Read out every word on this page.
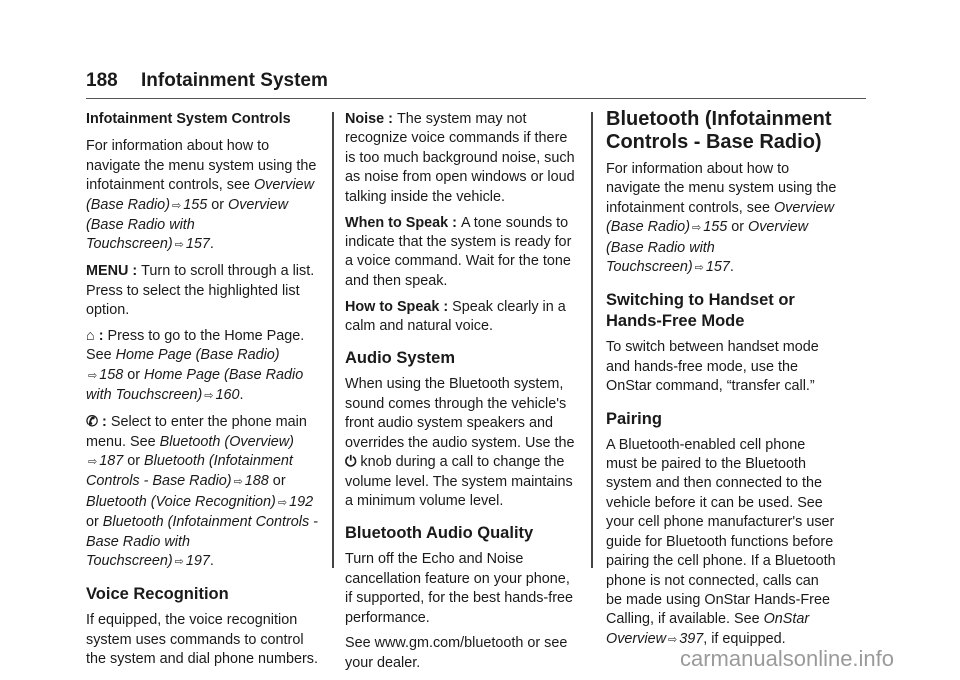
188 Infotainment System
Infotainment System Controls

For information about how to
navigate the menu system using the
infotainment controls, see Overview
(Base Radio) ⇨ 155 or Overview
(Base Radio with
Touchscreen) ⇨ 157.

MENU : Turn to scroll through a list.
Press to select the highlighted list
option.

⌂ : Press to go to the Home Page.
See Home Page (Base Radio)
⇨ 158 or Home Page (Base Radio
with Touchscreen) ⇨ 160.

✆ : Select to enter the phone main
menu. See Bluetooth (Overview)
⇨ 187 or Bluetooth (Infotainment
Controls - Base Radio) ⇨ 188 or
Bluetooth (Voice Recognition) ⇨ 192
or Bluetooth (Infotainment Controls -
Base Radio with
Touchscreen) ⇨ 197.

Voice Recognition

If equipped, the voice recognition
system uses commands to control
the system and dial phone numbers.

Noise : The system may not
recognize voice commands if there
is too much background noise, such
as noise from open windows or loud
talking inside the vehicle.

When to Speak : A tone sounds to
indicate that the system is ready for
a voice command. Wait for the tone
and then speak.

How to Speak : Speak clearly in a
calm and natural voice.

Audio System

When using the Bluetooth system,
sound comes through the vehicle's
front audio system speakers and
overrides the audio system. Use the
⏻ knob during a call to change the
volume level. The system maintains
a minimum volume level.

Bluetooth Audio Quality

Turn off the Echo and Noise
cancellation feature on your phone,
if supported, for the best hands-free
performance.

See www.gm.com/bluetooth or see
your dealer.

Bluetooth (Infotainment
Controls - Base Radio)

For information about how to
navigate the menu system using the
infotainment controls, see Overview
(Base Radio) ⇨ 155 or Overview
(Base Radio with
Touchscreen) ⇨ 157.

Switching to Handset or
Hands-Free Mode

To switch between handset mode
and hands-free mode, use the
OnStar command, “transfer call.”

Pairing

A Bluetooth-enabled cell phone
must be paired to the Bluetooth
system and then connected to the
vehicle before it can be used. See
your cell phone manufacturer's user
guide for Bluetooth functions before
pairing the cell phone. If a Bluetooth
phone is not connected, calls can
be made using OnStar Hands-Free
Calling, if available. See OnStar
Overview ⇨ 397, if equipped.

carmanualsonline.info
